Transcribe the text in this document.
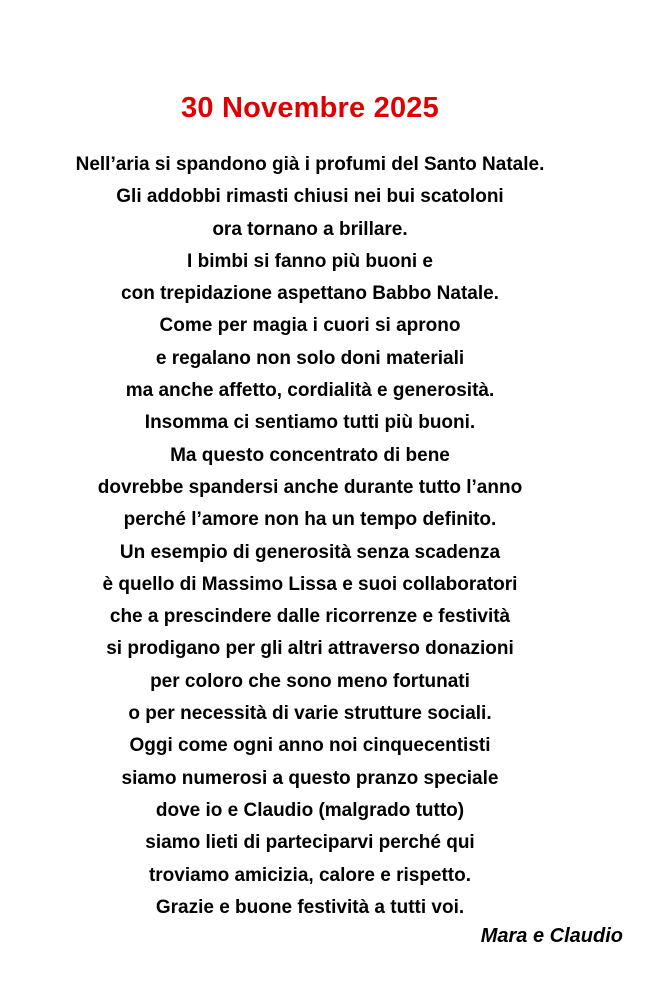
30 Novembre 2025
Nell’aria si spandono già i profumi del Santo Natale.
Gli addobbi rimasti chiusi nei bui scatoloni
ora tornano a brillare.
I bimbi si fanno più buoni e
con trepidazione aspettano Babbo Natale.
Come per magia i cuori si aprono
e regalano non solo doni materiali
ma anche affetto, cordialità e generosità.
Insomma ci sentiamo tutti più buoni.
Ma questo concentrato di bene
dovrebbe spandersi anche durante tutto l’anno
perché l’amore non ha un tempo definito.
Un esempio di generosità senza scadenza
è quello di Massimo Lissa e suoi collaboratori
che a prescindere dalle ricorrenze e festività
si prodigano per gli altri attraverso donazioni
per coloro che sono meno fortunati
o per necessità di varie strutture sociali.
Oggi come ogni anno noi cinquecentisti
siamo numerosi a questo pranzo speciale
dove io e Claudio (malgrado tutto)
siamo lieti di parteciparvi perché qui
troviamo amicizia, calore e rispetto.
Grazie e buone festività a tutti voi.
Mara e Claudio
